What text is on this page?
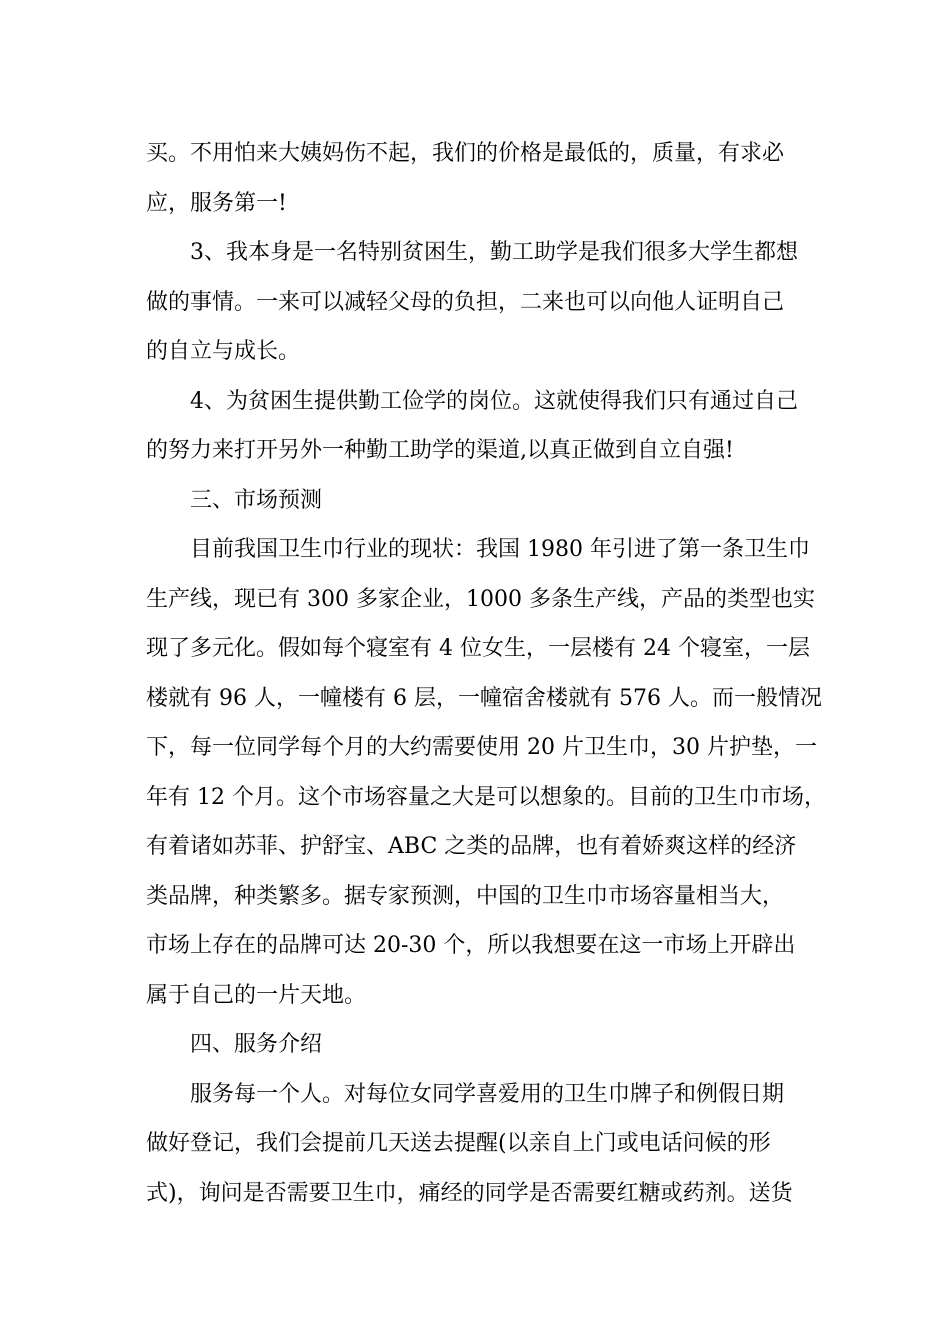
买。不用怕来大姨妈伤不起，我们的价格是最低的，质量，有求必
应，服务第一!
3、我本身是一名特别贫困生，勤工助学是我们很多大学生都想
做的事情。一来可以减轻父母的负担，二来也可以向他人证明自己
的自立与成长。
4、为贫困生提供勤工俭学的岗位。这就使得我们只有通过自己
的努力来打开另外一种勤工助学的渠道,以真正做到自立自强!
三、市场预测
目前我国卫生巾行业的现状：我国 1980 年引进了第一条卫生巾
生产线，现已有 300 多家企业，1000 多条生产线，产品的类型也实
现了多元化。假如每个寝室有 4 位女生，一层楼有 24 个寝室，一层
楼就有 96 人，一幢楼有 6 层，一幢宿舍楼就有 576 人。而一般情况
下，每一位同学每个月的大约需要使用 20 片卫生巾，30 片护垫，一
年有 12 个月。这个市场容量之大是可以想象的。目前的卫生巾市场，
有着诸如苏菲、护舒宝、ABC 之类的品牌，也有着娇爽这样的经济
类品牌，种类繁多。据专家预测，中国的卫生巾市场容量相当大，
市场上存在的品牌可达 20-30 个，所以我想要在这一市场上开辟出
属于自己的一片天地。
四、服务介绍
服务每一个人。对每位女同学喜爱用的卫生巾牌子和例假日期
做好登记，我们会提前几天送去提醒(以亲自上门或电话问候的形
式)，询问是否需要卫生巾，痛经的同学是否需要红糖或药剂。送货
